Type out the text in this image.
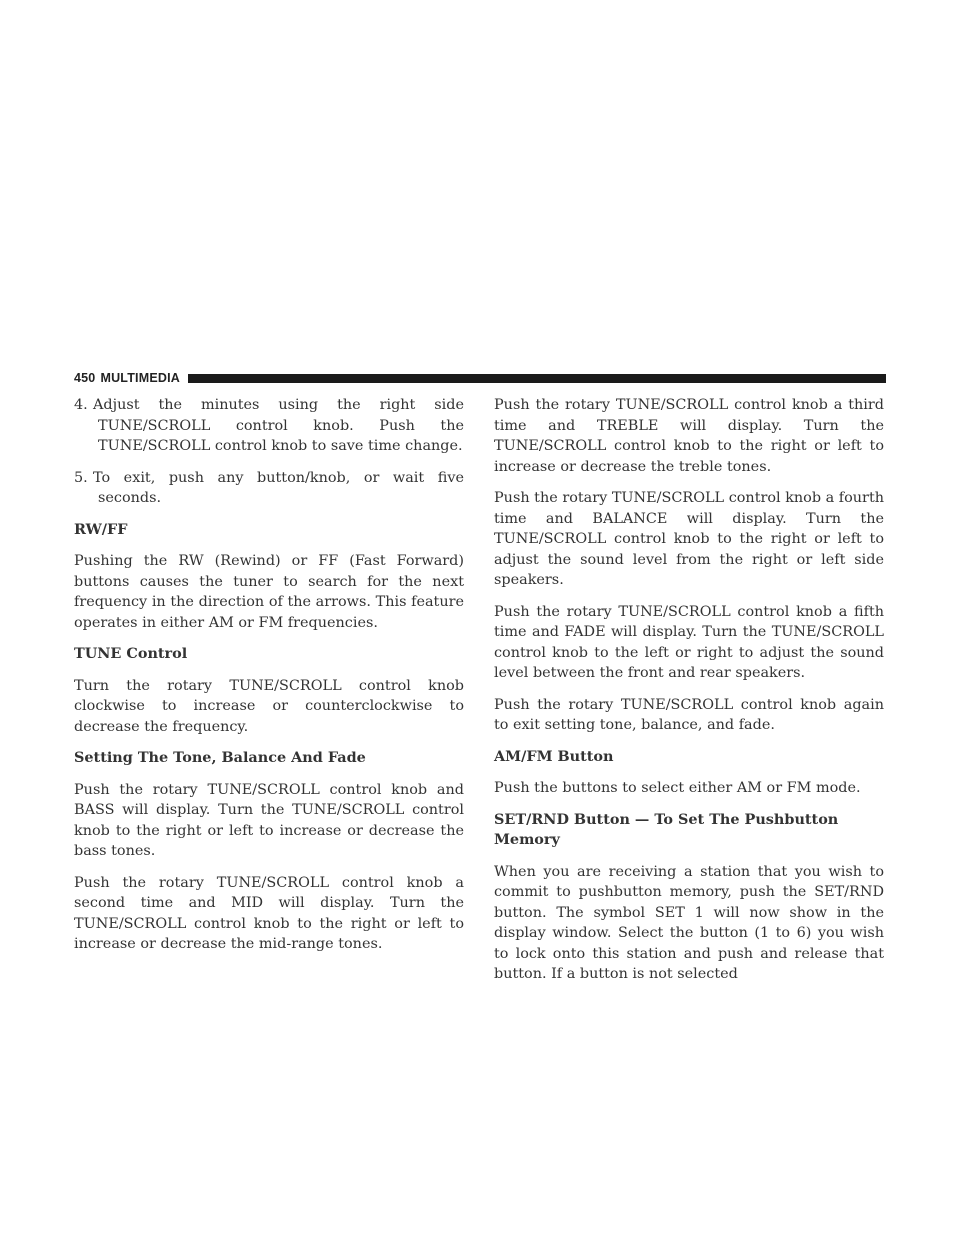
450 MULTIMEDIA
4. Adjust the minutes using the right side TUNE/SCROLL control knob. Push the TUNE/SCROLL control knob to save time change.
5. To exit, push any button/knob, or wait five seconds.

RW/FF

Pushing the RW (Rewind) or FF (Fast Forward) buttons causes the tuner to search for the next frequency in the direction of the arrows. This feature operates in either AM or FM frequencies.

TUNE Control

Turn the rotary TUNE/SCROLL control knob clockwise to increase or counterclockwise to decrease the frequency.

Setting The Tone, Balance And Fade

Push the rotary TUNE/SCROLL control knob and BASS will display. Turn the TUNE/SCROLL control knob to the right or left to increase or decrease the bass tones.

Push the rotary TUNE/SCROLL control knob a second time and MID will display. Turn the TUNE/SCROLL control knob to the right or left to increase or decrease the mid-range tones.

Push the rotary TUNE/SCROLL control knob a third time and TREBLE will display. Turn the TUNE/SCROLL control knob to the right or left to increase or decrease the treble tones.

Push the rotary TUNE/SCROLL control knob a fourth time and BALANCE will display. Turn the TUNE/SCROLL control knob to the right or left to adjust the sound level from the right or left side speakers.

Push the rotary TUNE/SCROLL control knob a fifth time and FADE will display. Turn the TUNE/SCROLL control knob to the left or right to adjust the sound level between the front and rear speakers.

Push the rotary TUNE/SCROLL control knob again to exit setting tone, balance, and fade.

AM/FM Button

Push the buttons to select either AM or FM mode.

SET/RND Button — To Set The Pushbutton Memory

When you are receiving a station that you wish to commit to pushbutton memory, push the SET/RND button. The symbol SET 1 will now show in the display window. Select the button (1 to 6) you wish to lock onto this station and push and release that button. If a button is not selected
